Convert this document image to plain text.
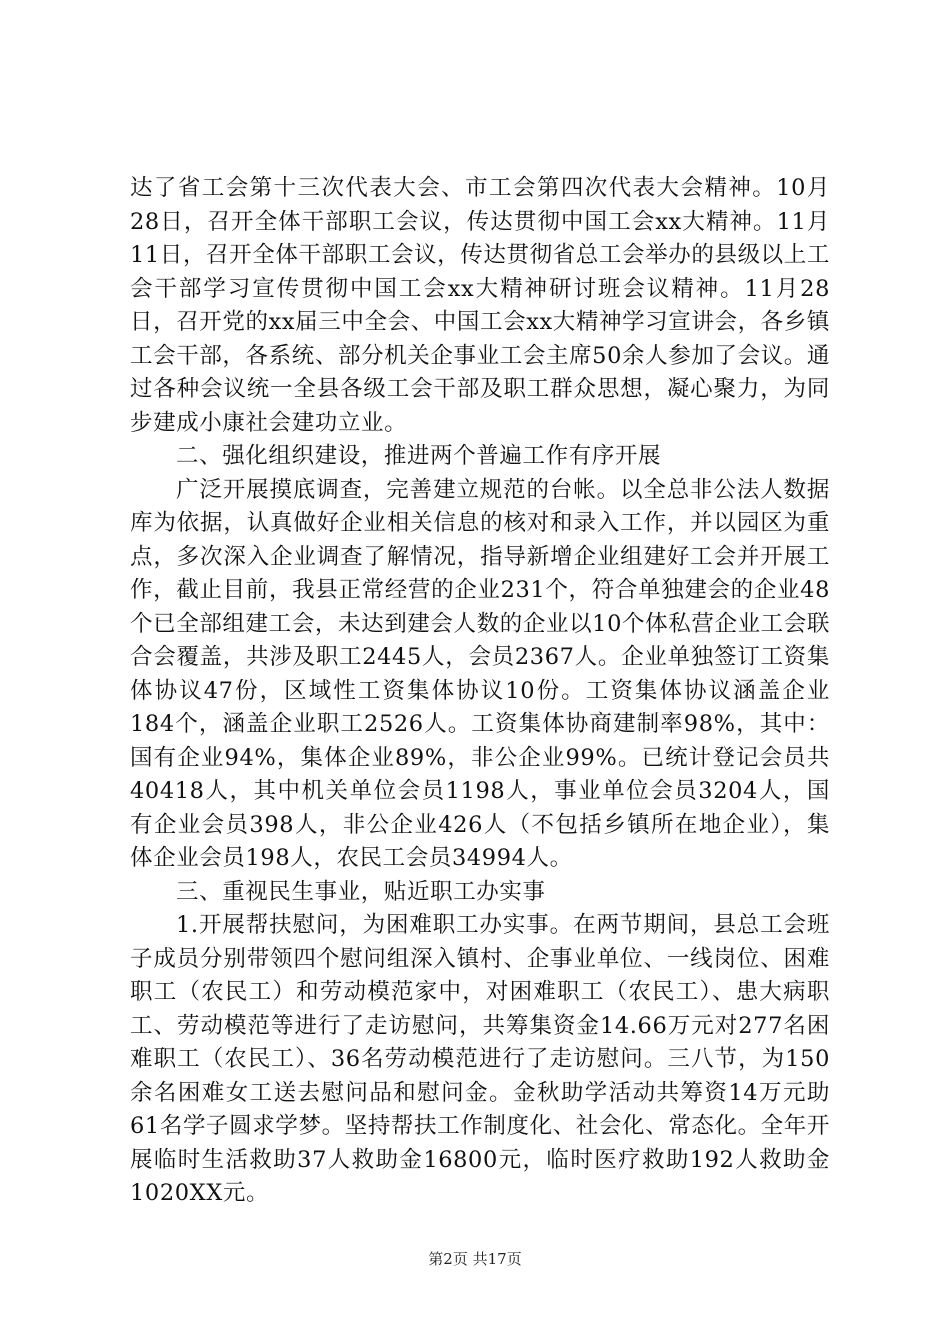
达了省工会第十三次代表大会、市工会第四次代表大会精神。10月28日，召开全体干部职工会议，传达贯彻中国工会xx大精神。11月11日，召开全体干部职工会议，传达贯彻省总工会举办的县级以上工会干部学习宣传贯彻中国工会xx大精神研讨班会议精神。11月28日，召开党的xx届三中全会、中国工会xx大精神学习宣讲会，各乡镇工会干部，各系统、部分机关企事业工会主席50余人参加了会议。通过各种会议统一全县各级工会干部及职工群众思想，凝心聚力，为同步建成小康社会建功立业。

二、强化组织建设，推进两个普遍工作有序开展

广泛开展摸底调查，完善建立规范的台帐。以全总非公法人数据库为依据，认真做好企业相关信息的核对和录入工作，并以园区为重点，多次深入企业调查了解情况，指导新增企业组建好工会并开展工作，截止目前，我县正常经营的企业231个，符合单独建会的企业48个已全部组建工会，未达到建会人数的企业以10个体私营企业工会联合会覆盖，共涉及职工2445人，会员2367人。企业单独签订工资集体协议47份，区域性工资集体协议10份。工资集体协议涵盖企业184个，涵盖企业职工2526人。工资集体协商建制率98%，其中：国有企业94%，集体企业89%，非公企业99%。已统计登记会员共40418人，其中机关单位会员1198人，事业单位会员3204人，国有企业会员398人，非公企业426人（不包括乡镇所在地企业），集体企业会员198人，农民工会员34994人。

三、重视民生事业，贴近职工办实事

1.开展帮扶慰问，为困难职工办实事。在两节期间，县总工会班子成员分别带领四个慰问组深入镇村、企事业单位、一线岗位、困难职工（农民工）和劳动模范家中，对困难职工（农民工）、患大病职工、劳动模范等进行了走访慰问，共筹集资金14.66万元对277名困难职工（农民工）、36名劳动模范进行了走访慰问。三八节，为150余名困难女工送去慰问品和慰问金。金秋助学活动共筹资14万元助61名学子圆求学梦。坚持帮扶工作制度化、社会化、常态化。全年开展临时生活救助37人救助金16800元，临时医疗救助192人救助金1020XX元。

第2页 共17页
